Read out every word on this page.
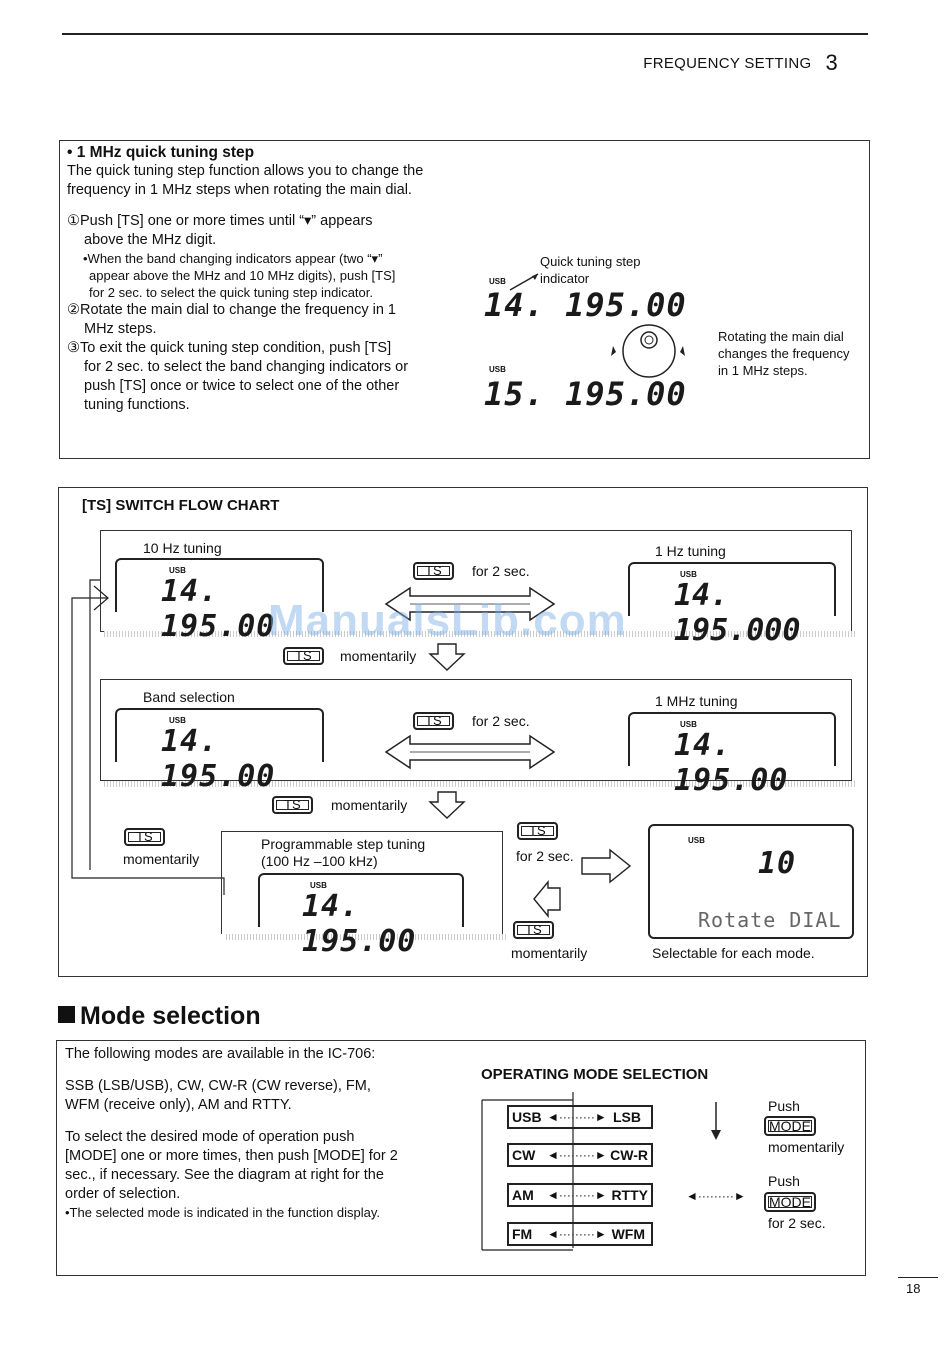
FREQUENCY SETTING 3
• 1 MHz quick tuning step
The quick tuning step function allows you to change the frequency in 1 MHz steps when rotating the main dial.
①Push [TS] one or more times until “▾” appears
above the MHz digit.
•When the band changing indicators appear (two “▾”
appear above the MHz and 10 MHz digits), push [TS]
for 2 sec. to select the quick tuning step indicator.
②Rotate the main dial to change the frequency in 1
MHz steps.
③To exit the quick tuning step condition, push [TS]
for 2 sec. to select the band changing indicators or
push [TS] once or twice to select one of the other
tuning functions.
Quick tuning step
indicator
USB
14. 195.00
USB
15. 195.00
Rotating the main dial
changes the frequency
in 1 MHz steps.
[TS] SWITCH FLOW CHART
10 Hz tuning
USB
14. 195.00
TS	for 2 sec.
1 Hz tuning
USB
14. 195.000
TS	momentarily
Band selection
USB
14. 195.00
TS	for 2 sec.
1 MHz tuning
USB
14. 195.00
TS	momentarily
TS
momentarily
Programmable step tuning
(100 Hz –100 kHz)
USB
14. 195.00
TS
for 2 sec.
TS
momentarily
USB
10
Rotate DIAL
Selectable for each mode.
ManualsLib.com
Mode selection
The following modes are available in the IC-706:
SSB (LSB/USB), CW, CW-R (CW reverse), FM,
WFM (receive only), AM and RTTY.
To select the desired mode of operation push
[MODE] one or more times, then push [MODE] for 2
sec., if necessary. See the diagram at right for the
order of selection.
•The selected mode is indicated in the function display.
OPERATING MODE SELECTION
USB ◄·········► LSB
CW ◄·········► CW-R
AM ◄·········► RTTY
FM ◄·········► WFM
◄·········►
Push
MODE
momentarily
Push
MODE
for 2 sec.
18
